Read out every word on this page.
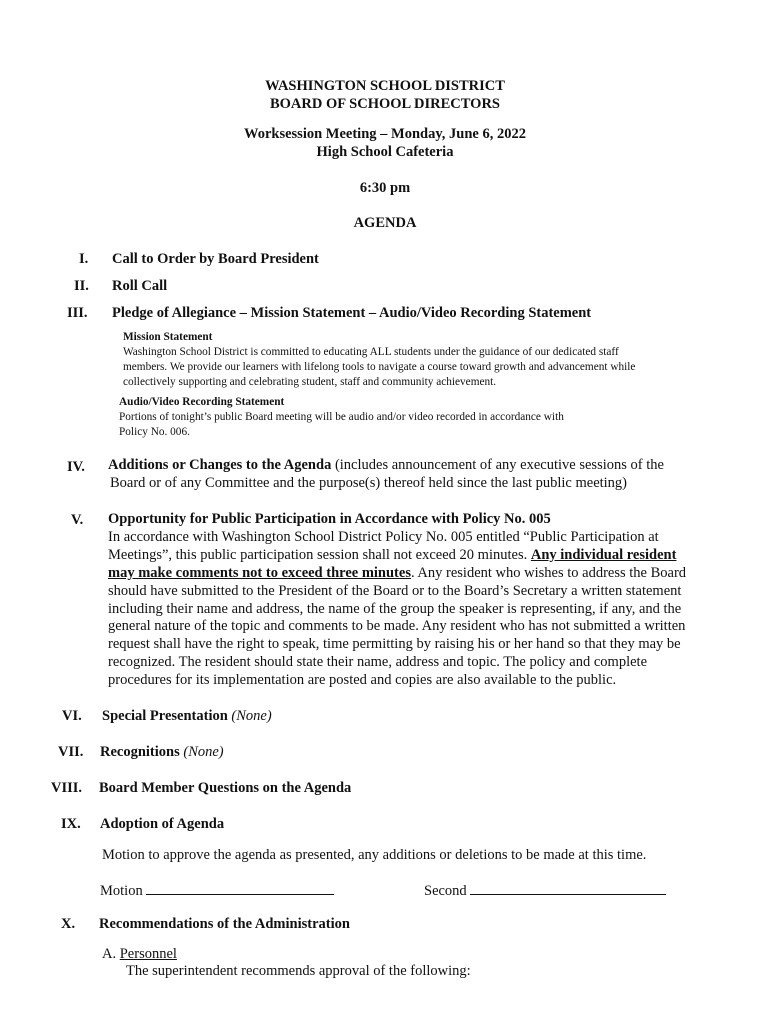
WASHINGTON SCHOOL DISTRICT
BOARD OF SCHOOL DIRECTORS
Worksession Meeting – Monday, June 6, 2022
High School Cafeteria
6:30 pm
AGENDA
I. Call to Order by Board President
II. Roll Call
III. Pledge of Allegiance – Mission Statement – Audio/Video Recording Statement
Mission Statement
Washington School District is committed to educating ALL students under the guidance of our dedicated staff
members. We provide our learners with lifelong tools to navigate a course toward growth and advancement while
collectively supporting and celebrating student, staff and community achievement.
Audio/Video Recording Statement
Portions of tonight’s public Board meeting will be audio and/or video recorded in accordance with
Policy No. 006.
IV. Additions or Changes to the Agenda (includes announcement of any executive sessions of the
Board or of any Committee and the purpose(s) thereof held since the last public meeting)
V. Opportunity for Public Participation in Accordance with Policy No. 005
In accordance with Washington School District Policy No. 005 entitled “Public Participation at
Meetings”, this public participation session shall not exceed 20 minutes. Any individual resident
may make comments not to exceed three minutes. Any resident who wishes to address the Board
should have submitted to the President of the Board or to the Board’s Secretary a written statement
including their name and address, the name of the group the speaker is representing, if any, and the
general nature of the topic and comments to be made. Any resident who has not submitted a written
request shall have the right to speak, time permitting by raising his or her hand so that they may be
recognized. The resident should state their name, address and topic. The policy and complete
procedures for its implementation are posted and copies are also available to the public.
VI. Special Presentation (None)
VII. Recognitions (None)
VIII. Board Member Questions on the Agenda
IX. Adoption of Agenda
Motion to approve the agenda as presented, any additions or deletions to be made at this time.
Motion	Second
X. Recommendations of the Administration
A. Personnel
The superintendent recommends approval of the following:
